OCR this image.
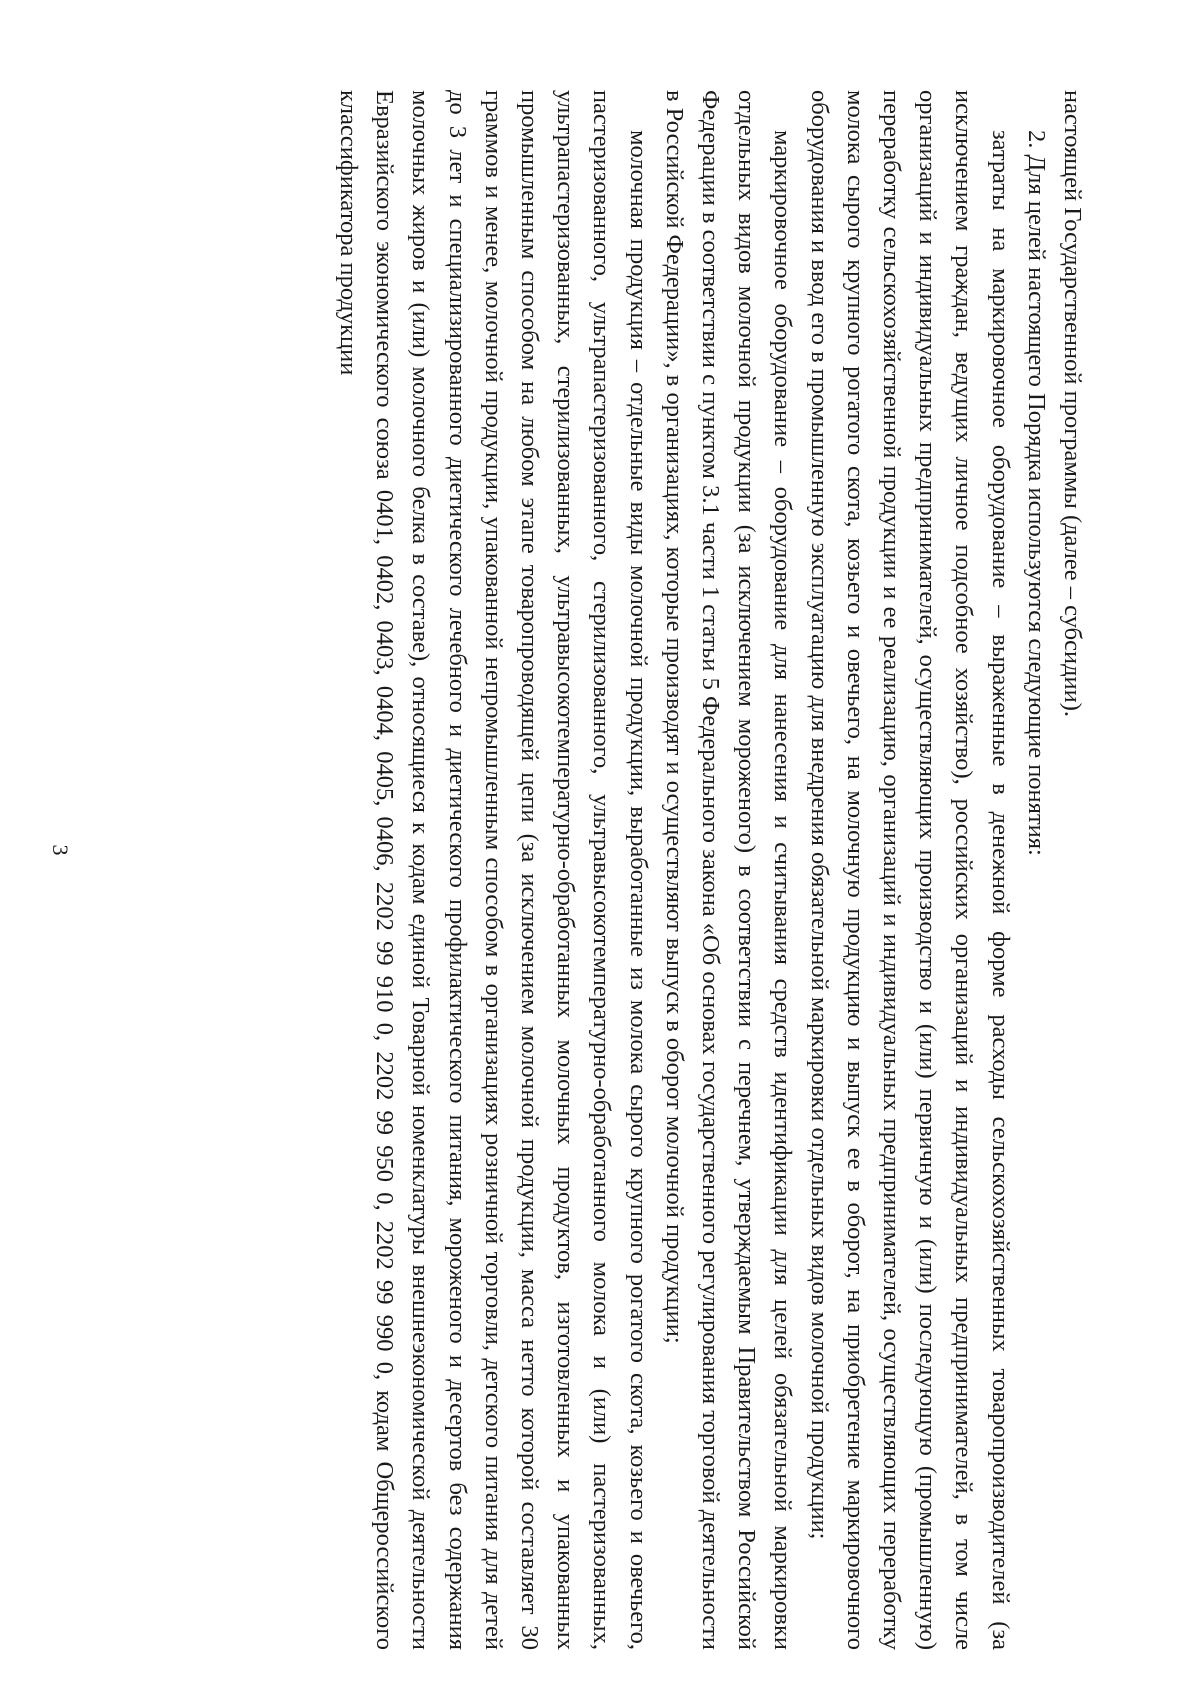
настоящей Государственной программы (далее – субсидии).

2. Для целей настоящего Порядка используются следующие понятия:

затраты на маркировочное оборудование – выраженные в денежной форме расходы сельскохозяйственных товаропроизводителей (за исключением граждан, ведущих личное подсобное хозяйство), российских организаций и индивидуальных предпринимателей, в том числе организаций и индивидуальных предпринимателей, осуществляющих производство и (или) первичную и (или) последующую (промышленную) переработку сельскохозяйственной продукции и ее реализацию, организаций и индивидуальных предпринимателей, осуществляющих переработку молока сырого крупного рогатого скота, козьего и овечьего, на молочную продукцию и выпуск ее в оборот, на приобретение маркировочного оборудования и ввод его в промышленную эксплуатацию для внедрения обязательной маркировки отдельных видов молочной продукции;

маркировочное оборудование – оборудование для нанесения и считывания средств идентификации для целей обязательной маркировки отдельных видов молочной продукции (за исключением мороженого) в соответствии с перечнем, утверждаемым Правительством Российской Федерации в соответствии с пунктом 3.1 части 1 статьи 5 Федерального закона «Об основах государственного регулирования торговой деятельности в Российской Федерации», в организациях, которые производят и осуществляют выпуск в оборот молочной продукции;

молочная продукция – отдельные виды молочной продукции, выработанные из молока сырого крупного рогатого скота, козьего и овечьего, пастеризованного, ультрапастеризованного, стерилизованного, ультравысокотемпературно-обработанного молока и (или) пастеризованных, ультрапастеризованных, стерилизованных, ультравысокотемпературно-обработанных молочных продуктов, изготовленных и упакованных промышленным способом на любом этапе товаропроводящей цепи (за исключением молочной продукции, масса нетто которой составляет 30 граммов и менее, молочной продукции, упакованной непромышленным способом в организациях розничной торговли, детского питания для детей до 3 лет и специализированного диетического лечебного и диетического профилактического питания, мороженого и десертов без содержания молочных жиров и (или) молочного белка в составе), относящиеся к кодам единой Товарной номенклатуры внешнеэкономической деятельности Евразийского экономического союза 0401, 0402, 0403, 0404, 0405, 0406, 2202 99 910 0, 2202 99 950 0, 2202 99 990 0, кодам Общероссийского классификатора продукции

3
